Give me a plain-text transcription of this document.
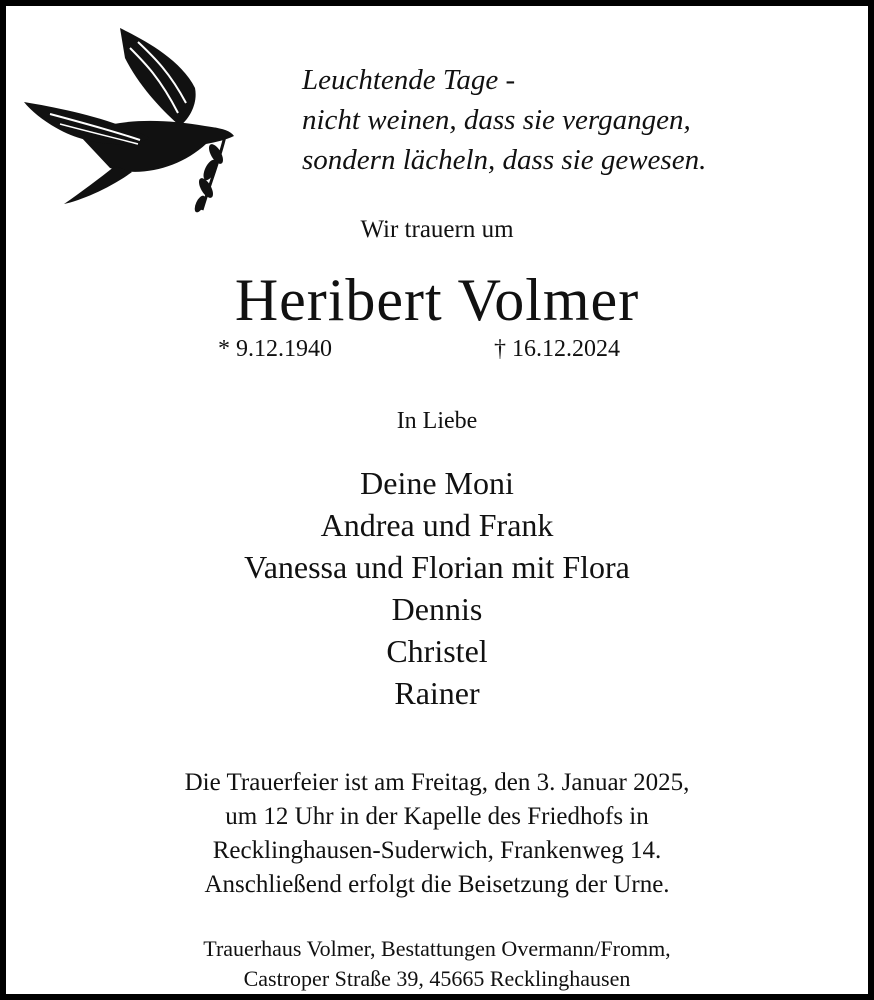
Leuchtende Tage -
nicht weinen, dass sie vergangen,
sondern lächeln, dass sie gewesen.
Wir trauern um
Heribert Volmer
* 9.12.1940	† 16.12.2024
In Liebe
Deine Moni
Andrea und Frank
Vanessa und Florian mit Flora
Dennis
Christel
Rainer
Die Trauerfeier ist am Freitag, den 3. Januar 2025,
um 12 Uhr in der Kapelle des Friedhofs in
Recklinghausen-Suderwich, Frankenweg 14.
Anschließend erfolgt die Beisetzung der Urne.
Trauerhaus Volmer, Bestattungen Overmann/Fromm,
Castroper Straße 39, 45665 Recklinghausen
